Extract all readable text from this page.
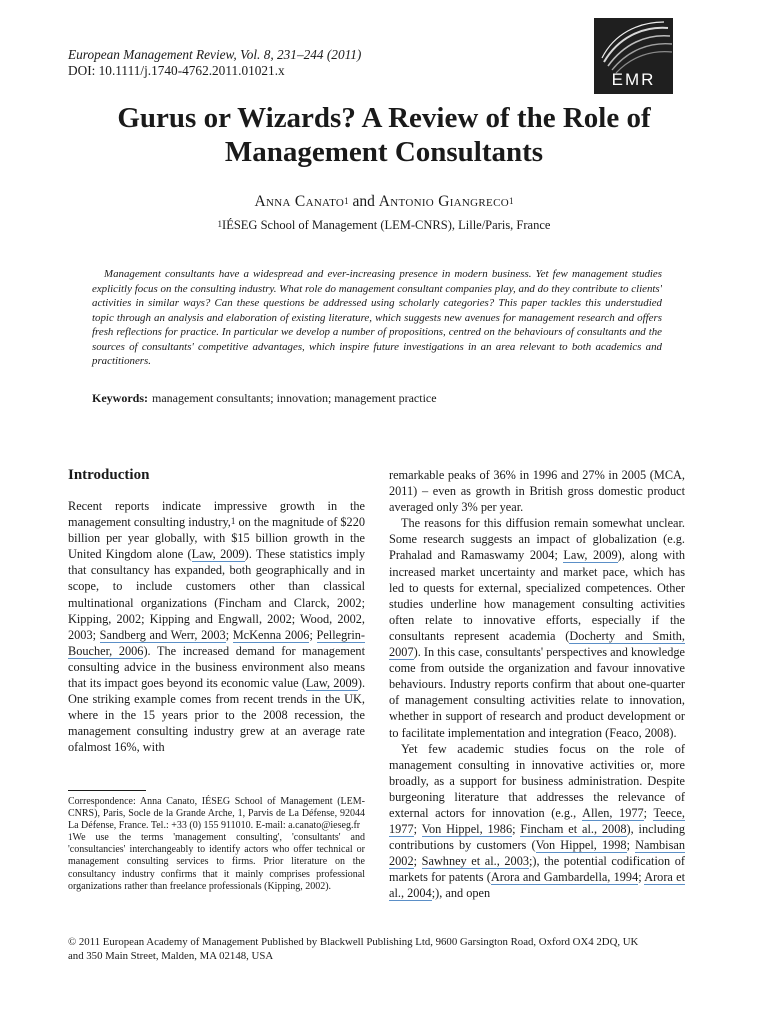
European Management Review, Vol. 8, 231–244 (2011)
DOI: 10.1111/j.1740-4762.2011.01021.x	EMR
Gurus or Wizards? A Review of the Role of
Management Consultants
Anna Canato$^1$ and Antonio Giangreco$^1$
$^1$IÉSEG School of Management (LEM-CNRS), Lille/Paris, France
Management consultants have a widespread and ever-increasing presence in modern business. Yet few management studies explicitly focus on the consulting industry. What role do management consultant companies play, and do they contribute to clients' activities in similar ways? Can these questions be addressed using scholarly categories? This paper tackles this understudied topic through an analysis and elaboration of existing literature, which suggests new avenues for management research and offers fresh reflections for practice. In particular we develop a number of propositions, centred on the behaviours of consultants and the sources of consultants' competitive advantages, which inspire future investigations in an area relevant to both academics and practitioners.
Keywords: management consultants; innovation; management practice
Introduction

Recent reports indicate impressive growth in the management consulting industry,$^1$ on the magnitude of $220 billion per year globally, with $15 billion growth in the United Kingdom alone (Law, 2009). These statistics imply that consultancy has expanded, both geographically and in scope, to include customers other than classical multinational organizations (Fincham and Clarck, 2002; Kipping, 2002; Kipping and Engwall, 2002; Wood, 2002, 2003; Sandberg and Werr, 2003; McKenna 2006; Pellegrin-Boucher, 2006). The increased demand for management consulting advice in the business environment also means that its impact goes beyond its economic value (Law, 2009). One striking example comes from recent trends in the UK, where in the 15 years prior to the 2008 recession, the management consulting industry grew at an average rate ofalmost 16%, with

remarkable peaks of 36% in 1996 and 27% in 2005 (MCA, 2011) – even as growth in British gross domestic product averaged only 3% per year.

The reasons for this diffusion remain somewhat unclear. Some research suggests an impact of globalization (e.g. Prahalad and Ramaswamy 2004; Law, 2009), along with increased market uncertainty and market pace, which has led to quests for external, specialized competences. Other studies underline how management consulting activities often relate to innovative efforts, especially if the consultants represent academia (Docherty and Smith, 2007). In this case, consultants' perspectives and knowledge come from outside the organization and favour innovative behaviours. Industry reports confirm that about one-quarter of management consulting activities relate to innovation, whether in support of research and product development or to facilitate implementation and integration (Feaco, 2008).

Yet few academic studies focus on the role of management consulting in innovative activities or, more broadly, as a support for business administration. Despite burgeoning literature that addresses the relevance of external actors for innovation (e.g., Allen, 1977; Teece, 1977; Von Hippel, 1986; Fincham et al., 2008), including contributions by customers (Von Hippel, 1998; Nambisan 2002; Sawhney et al., 2003;), the potential codification of markets for patents (Arora and Gambardella, 1994; Arora et al., 2004;), and open

Correspondence: Anna Canato, IÉSEG School of Management (LEM-CNRS), Paris, Socle de la Grande Arche, 1, Parvis de La Défense, 92044 La Défense, France. Tel.: +33 (0) 155 911010. E-mail: a.canato@ieseg.fr

$^1$We use the terms 'management consulting', 'consultants' and 'consultancies' interchangeably to identify actors who offer technical or management consulting services to firms. Prior literature on the consultancy industry confirms that it mainly comprises professional organizations rather than freelance professionals (Kipping, 2002).

© 2011 European Academy of Management Published by Blackwell Publishing Ltd, 9600 Garsington Road, Oxford OX4 2DQ, UK
and 350 Main Street, Malden, MA 02148, USA
